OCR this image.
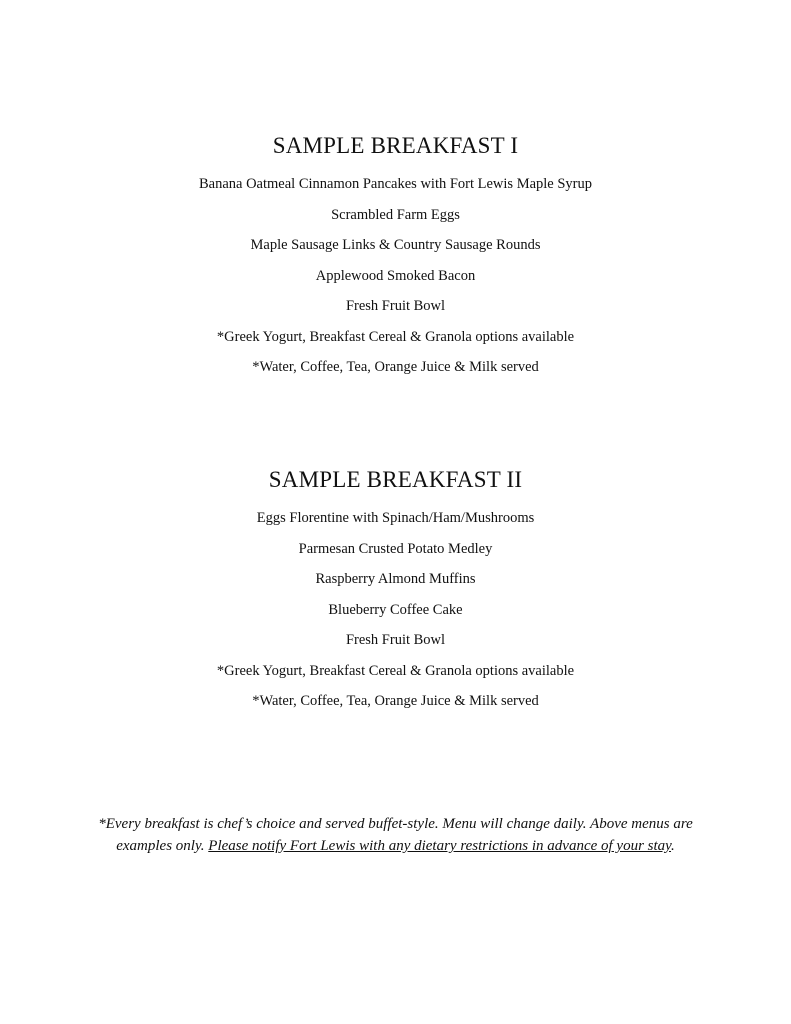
SAMPLE BREAKFAST I
Banana Oatmeal Cinnamon Pancakes with Fort Lewis Maple Syrup
Scrambled Farm Eggs
Maple Sausage Links & Country Sausage Rounds
Applewood Smoked Bacon
Fresh Fruit Bowl
*Greek Yogurt, Breakfast Cereal & Granola options available
*Water, Coffee, Tea, Orange Juice & Milk served
SAMPLE BREAKFAST II
Eggs Florentine with Spinach/Ham/Mushrooms
Parmesan Crusted Potato Medley
Raspberry Almond Muffins
Blueberry Coffee Cake
Fresh Fruit Bowl
*Greek Yogurt, Breakfast Cereal & Granola options available
*Water, Coffee, Tea, Orange Juice & Milk served

*Every breakfast is chef’s choice and served buffet-style. Menu will change daily. Above menus are examples only. Please notify Fort Lewis with any dietary restrictions in advance of your stay.
